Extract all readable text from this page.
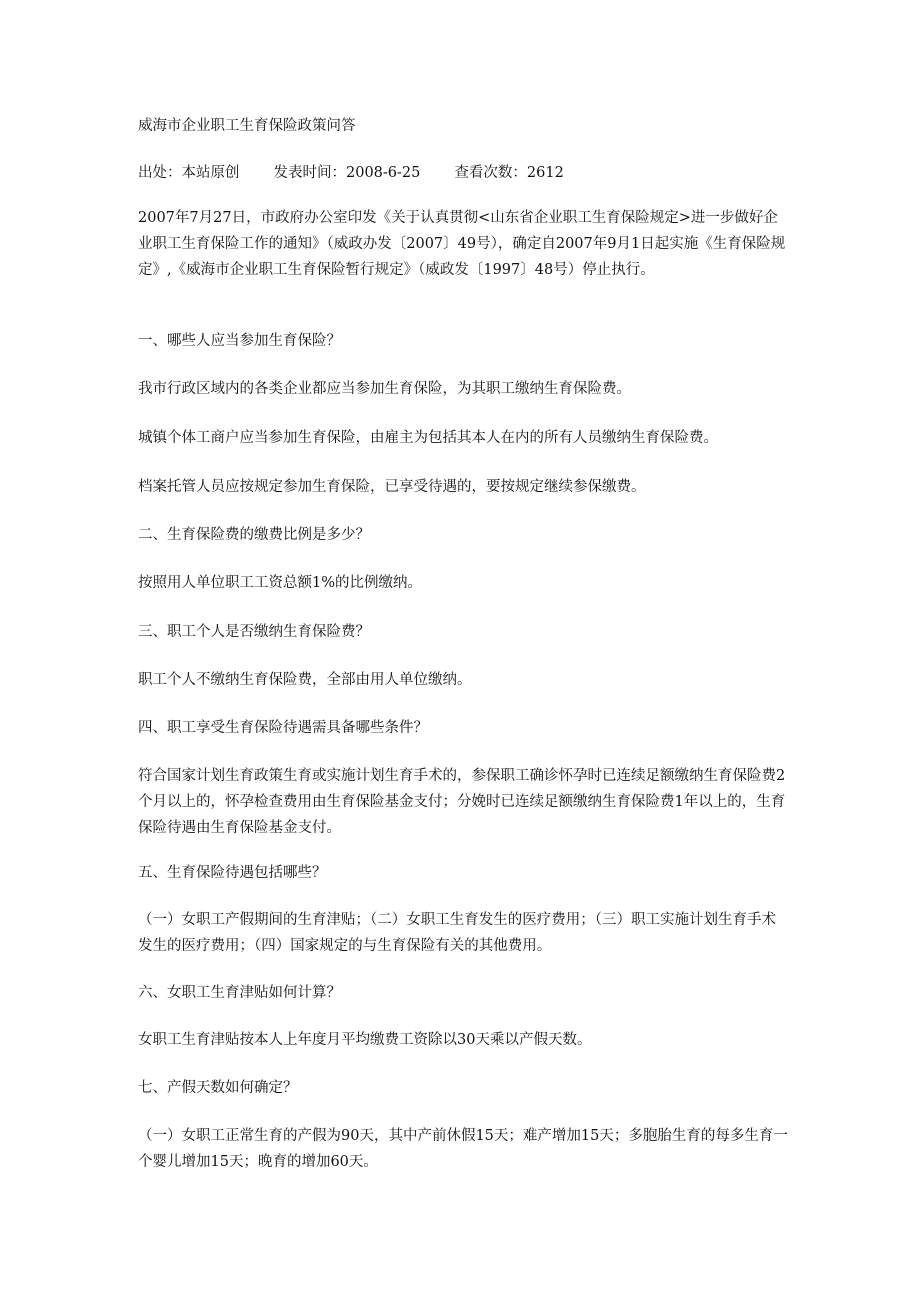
威海市企业职工生育保险政策问答

出处：本站原创 发表时间：2008-6-25 查看次数：2612

2007年7月27日，市政府办公室印发《关于认真贯彻<山东省企业职工生育保险规定>进一步做好企业职工生育保险工作的通知》（威政办发〔2007〕49号），确定自2007年9月1日起实施《生育保险规定》,《威海市企业职工生育保险暂行规定》（威政发〔1997〕48号）停止执行。

一、哪些人应当参加生育保险？

我市行政区域内的各类企业都应当参加生育保险，为其职工缴纳生育保险费。

城镇个体工商户应当参加生育保险，由雇主为包括其本人在内的所有人员缴纳生育保险费。

档案托管人员应按规定参加生育保险，已享受待遇的，要按规定继续参保缴费。

二、生育保险费的缴费比例是多少？

按照用人单位职工工资总额1%的比例缴纳。

三、职工个人是否缴纳生育保险费？

职工个人不缴纳生育保险费，全部由用人单位缴纳。

四、职工享受生育保险待遇需具备哪些条件？

符合国家计划生育政策生育或实施计划生育手术的，参保职工确诊怀孕时已连续足额缴纳生育保险费2个月以上的，怀孕检查费用由生育保险基金支付；分娩时已连续足额缴纳生育保险费1年以上的，生育保险待遇由生育保险基金支付。

五、生育保险待遇包括哪些？

（一）女职工产假期间的生育津贴；（二）女职工生育发生的医疗费用；（三）职工实施计划生育手术发生的医疗费用；（四）国家规定的与生育保险有关的其他费用。

六、女职工生育津贴如何计算？

女职工生育津贴按本人上年度月平均缴费工资除以30天乘以产假天数。

七、产假天数如何确定？

（一）女职工正常生育的产假为90天，其中产前休假15天；难产增加15天；多胞胎生育的每多生育一个婴儿增加15天；晚育的增加60天。
